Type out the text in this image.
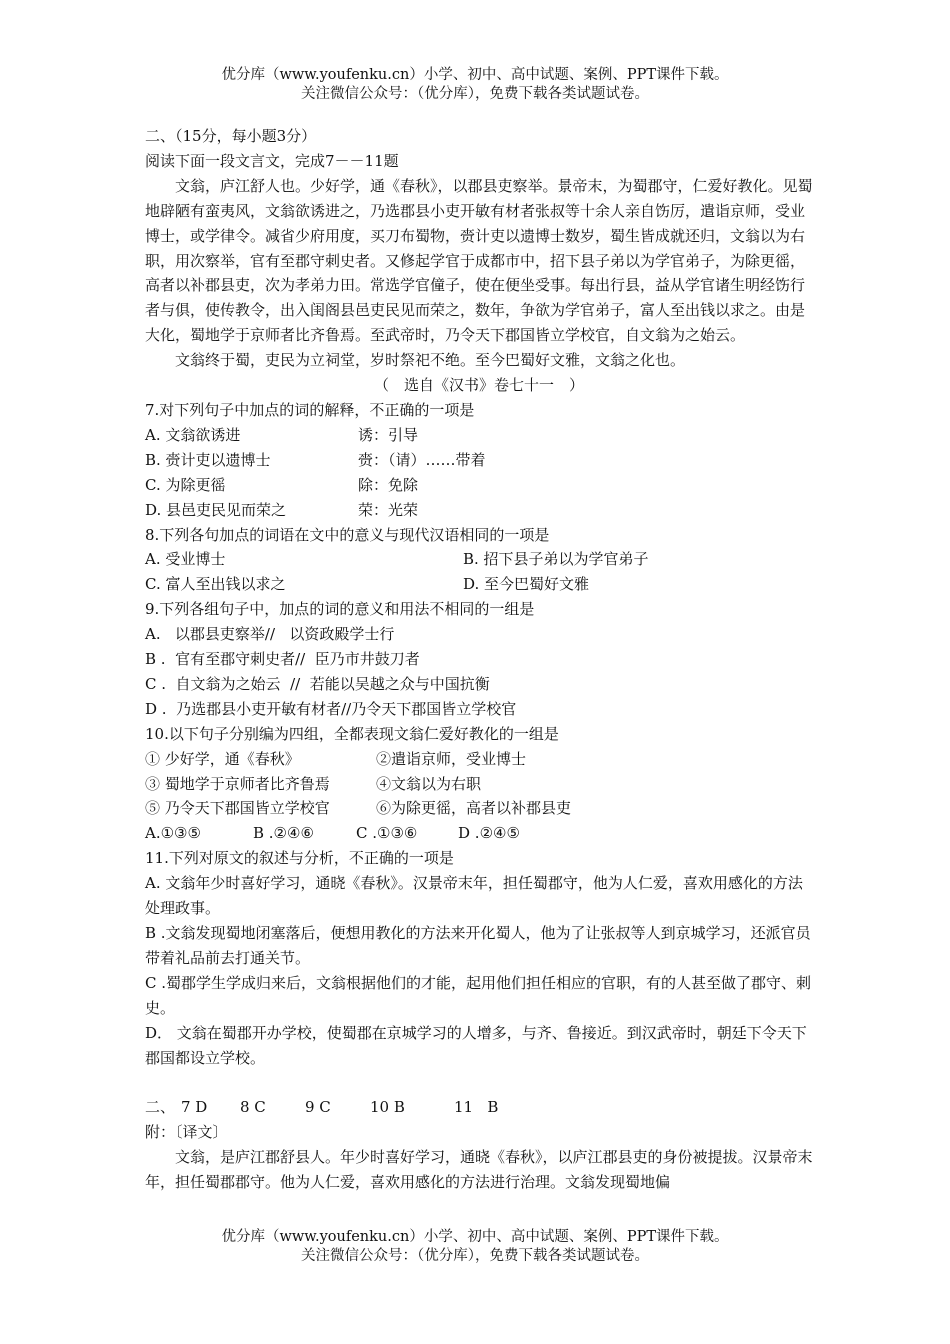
优分库（www.youfenku.cn）小学、初中、高中试题、案例、PPT课件下载。
关注微信公众号：（优分库），免费下载各类试题试卷。

二、（15分，每小题3分）

阅读下面一段文言文，完成7－－11题

文翁，庐江舒人也。少好学，通《春秋》，以郡县吏察举。景帝末，为蜀郡守，仁爱好教化。见蜀地辟陋有蛮夷风，文翁欲诱进之，乃选郡县小吏开敏有材者张叔等十余人亲自饬厉，遣诣京师，受业博士，或学律令。减省少府用度，买刀布蜀物，赍计吏以遗博士数岁，蜀生皆成就还归，文翁以为右职，用次察举，官有至郡守刺史者。又修起学官于成都市中，招下县子弟以为学官弟子，为除更徭，高者以补郡县吏，次为孝弟力田。常选学官僮子，使在便坐受事。每出行县，益从学官诸生明经饬行者与俱，使传教令，出入闺阁县邑吏民见而荣之，数年，争欲为学官弟子，富人至出钱以求之。由是大化，蜀地学于京师者比齐鲁焉。至武帝时，乃令天下郡国皆立学校官，自文翁为之始云。

文翁终于蜀，吏民为立祠堂，岁时祭祀不绝。至今巴蜀好文雅，文翁之化也。

（　选自《汉书》卷七十一　）

7.对下列句子中加点的词的解释，不正确的一项是

A. 文翁欲诱进	诱：引导
B. 赍计吏以遗博士	赍：（请）……带着
C. 为除更徭	除：免除
D. 县邑吏民见而荣之	荣：光荣

8.下列各句加点的词语在文中的意义与现代汉语相同的一项是

A. 受业博士	B. 招下县子弟以为学官弟子
C. 富人至出钱以求之	D. 至今巴蜀好文雅

9.下列各组句子中，加点的词的意义和用法不相同的一组是

A.   以郡县吏察举//   以资政殿学士行

B .  官有至郡守刺史者//  臣乃市井鼓刀者

C .  自文翁为之始云  //  若能以吴越之众与中国抗衡

D .  乃选郡县小吏开敏有材者//乃令天下郡国皆立学校官

10.以下句子分别编为四组，全都表现文翁仁爱好教化的一组是

① 少好学，通《春秋》	②遣诣京师，受业博士
③ 蜀地学于京师者比齐鲁焉	④文翁以为右职
⑤ 乃令天下郡国皆立学校官	⑥为除更徭，高者以补郡县吏
A.①③⑤	B .②④⑥	C .①③⑥	D .②④⑤

11.下列对原文的叙述与分析，不正确的一项是

A. 文翁年少时喜好学习，通晓《春秋》。汉景帝末年，担任蜀郡守，他为人仁爱，喜欢用感化的方法处理政事。

B .文翁发现蜀地闭塞落后，便想用教化的方法来开化蜀人，他为了让张叔等人到京城学习，还派官员带着礼品前去打通关节。

C .蜀郡学生学成归来后，文翁根据他们的才能，起用他们担任相应的官职，有的人甚至做了郡守、刺史。

D． 文翁在蜀郡开办学校，使蜀郡在京城学习的人增多，与齐、鲁接近。到汉武帝时，朝廷下令天下郡国都设立学校。

二、 7 D	8 C	9 C	10 B	11   B

附：〔译文〕

文翁，是庐江郡舒县人。年少时喜好学习，通晓《春秋》，以庐江郡县吏的身份被提拔。汉景帝末年，担任蜀郡郡守。他为人仁爱，喜欢用感化的方法进行治理。文翁发现蜀地偏

优分库（www.youfenku.cn）小学、初中、高中试题、案例、PPT课件下载。
关注微信公众号：（优分库），免费下载各类试题试卷。
